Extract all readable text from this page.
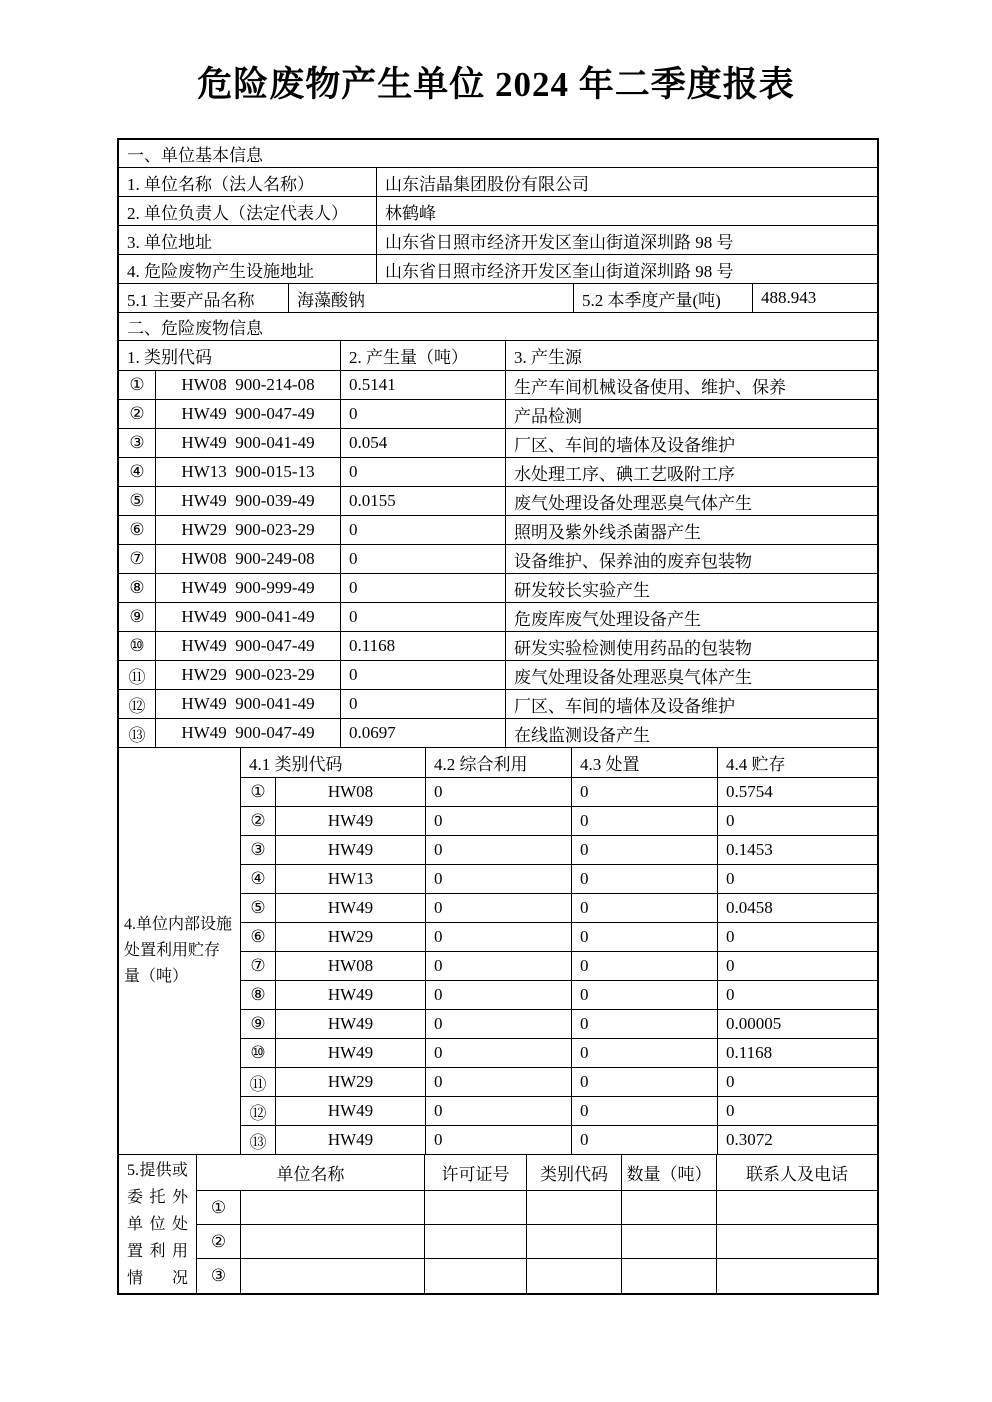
危险废物产生单位 2024 年二季度报表
一、单位基本信息
1. 单位名称（法人名称）	山东洁晶集团股份有限公司
2. 单位负责人（法定代表人）	林鹤峰
3. 单位地址	山东省日照市经济开发区奎山街道深圳路 98 号
4. 危险废物产生设施地址	山东省日照市经济开发区奎山街道深圳路 98 号
5.1 主要产品名称	海藻酸钠	5.2 本季度产量(吨)	488.943
二、危险废物信息
1. 类别代码	2. 产生量（吨）	3. 产生源
①	HW08  900-214-08	0.5141	生产车间机械设备使用、维护、保养
②	HW49  900-047-49	0	产品检测
③	HW49  900-041-49	0.054	厂区、车间的墙体及设备维护
④	HW13  900-015-13	0	水处理工序、碘工艺吸附工序
⑤	HW49  900-039-49	0.0155	废气处理设备处理恶臭气体产生
⑥	HW29  900-023-29	0	照明及紫外线杀菌器产生
⑦	HW08  900-249-08	0	设备维护、保养油的废弃包装物
⑧	HW49  900-999-49	0	研发较长实验产生
⑨	HW49  900-041-49	0	危废库废气处理设备产生
⑩	HW49  900-047-49	0.1168	研发实验检测使用药品的包装物
⑪	HW29  900-023-29	0	废气处理设备处理恶臭气体产生
⑫	HW49  900-041-49	0	厂区、车间的墙体及设备维护
⑬	HW49  900-047-49	0.0697	在线监测设备产生
4.单位内部设施处置利用贮存量（吨）
4.1 类别代码	4.2 综合利用	4.3 处置	4.4 贮存
①	HW08	0	0	0.5754
②	HW49	0	0	0
③	HW49	0	0	0.1453
④	HW13	0	0	0
⑤	HW49	0	0	0.0458
⑥	HW29	0	0	0
⑦	HW08	0	0	0
⑧	HW49	0	0	0
⑨	HW49	0	0	0.00005
⑩	HW49	0	0	0.1168
⑪	HW29	0	0	0
⑫	HW49	0	0	0
⑬	HW49	0	0	0.3072
5.提供或委托外单位处置利用情况
单位名称	许可证号	类别代码	数量（吨）	联系人及电话
①
②
③
